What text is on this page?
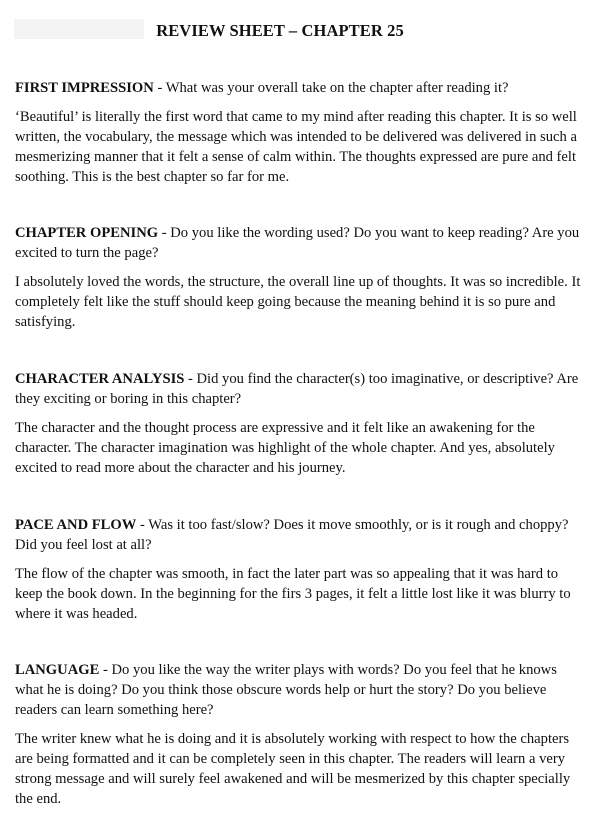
REVIEW SHEET – CHAPTER 25

FIRST IMPRESSION - What was your overall take on the chapter after reading it?

‘Beautiful’ is literally the first word that came to my mind after reading this chapter. It is so well written, the vocabulary, the message which was intended to be delivered was delivered in such a mesmerizing manner that it felt a sense of calm within. The thoughts expressed are pure and felt soothing. This is the best chapter so far for me.

CHAPTER OPENING - Do you like the wording used? Do you want to keep reading? Are you excited to turn the page?

I absolutely loved the words, the structure, the overall line up of thoughts. It was so incredible. It completely felt like the stuff should keep going because the meaning behind it is so pure and satisfying.

CHARACTER ANALYSIS - Did you find the character(s) too imaginative, or descriptive? Are they exciting or boring in this chapter?

The character and the thought process are expressive and it felt like an awakening for the character. The character imagination was highlight of the whole chapter. And yes, absolutely excited to read more about the character and his journey.

PACE AND FLOW - Was it too fast/slow? Does it move smoothly, or is it rough and choppy? Did you feel lost at all?

The flow of the chapter was smooth, in fact the later part was so appealing that it was hard to keep the book down. In the beginning for the firs 3 pages, it felt a little lost like it was blurry to where it was headed.

LANGUAGE - Do you like the way the writer plays with words? Do you feel that he knows what he is doing? Do you think those obscure words help or hurt the story? Do you believe readers can learn something here?

The writer knew what he is doing and it is absolutely working with respect to how the chapters are being formatted and it can be completely seen in this chapter. The readers will learn a very strong message and will surely feel awakened and will be mesmerized by this chapter specially the end.
